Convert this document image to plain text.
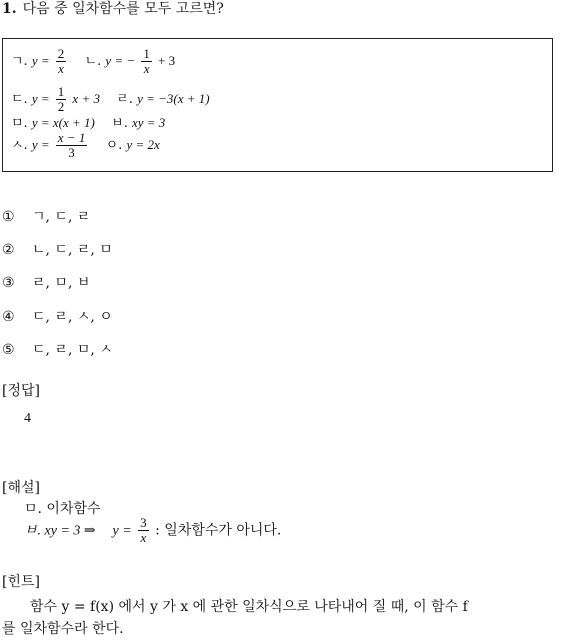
1. 다음 중 일차함수를 모두 고르면?
ㄱ. $y = \frac{2}{x}$ ㄴ. y = − $\frac{1}{x} + 3$
ㄷ. $y = \frac{1}{2}$ x + 3 ㄹ. y = −3(x + 1)
ㅁ. y = x(x + 1) ㅂ. xy = 3
ㅅ. $y = \frac{x - 1}{3}$ ㅇ. y = 2x
① ㄱ, ㄷ, ㄹ
② ㄴ, ㄷ, ㄹ, ㅁ
③ ㄹ, ㅁ, ㅂ
④ ㄷ, ㄹ, ㅅ, ㅇ
⑤ ㄷ, ㄹ, ㅁ, ㅅ
[정답]
4
[해설]
ㅁ. 이차함수
ㅂ. xy = 3 ⇒ $y = \frac{3}{x}$ : 일차함수가 아니다.
[힌트]
함수 y = f(x) 에서 y 가 x 에 관한 일차식으로 나타내어 질 때, 이 함수 f
를 일차함수라 한다.
